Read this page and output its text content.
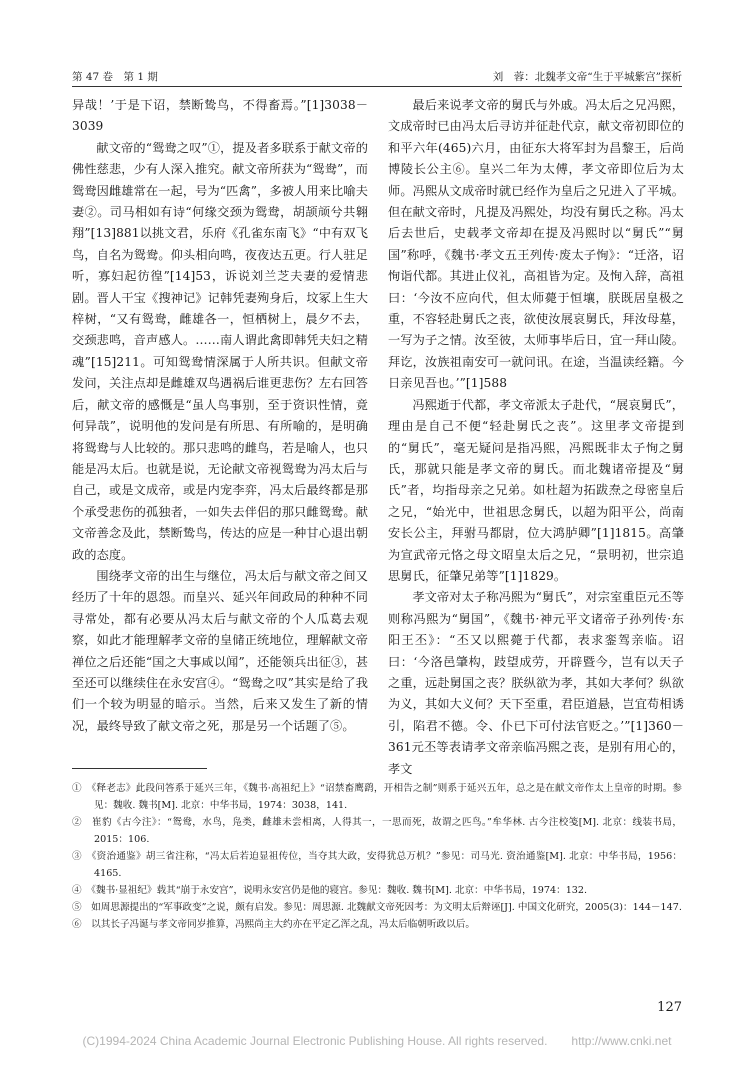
第 47 卷　第 1 期	刘　蓉：北魏孝文帝“生于平城紫宫”探析

异哉！’于是下诏，禁断鸷鸟，不得畜焉。”[1]3038－3039

献文帝的“鸳鸯之叹”①，提及者多联系于献文帝的佛性慈悲，少有人深入推究。献文帝所获为“鸳鸯”，而鸳鸯因雌雄常在一起，号为“匹禽”，多被人用来比喻夫妻②。司马相如有诗“何缘交颈为鸳鸯，胡颉颃兮共翱翔”[13]881以挑文君，乐府《孔雀东南飞》“中有双飞鸟，自名为鸳鸯。仰头相向鸣，夜夜达五更。行人驻足听，寡妇起彷徨”[14]53，诉说刘兰芝夫妻的爱情悲剧。晋人干宝《搜神记》记韩凭妻殉身后，坟冢上生大梓树，“又有鸳鸯，雌雄各一，恒栖树上，晨夕不去，交颈悲鸣，音声感人。……南人谓此禽即韩凭夫妇之精魂”[15]211。可知鸳鸯情深属于人所共识。但献文帝发问，关注点却是雌雄双鸟遇祸后谁更悲伤？左右回答后，献文帝的感慨是“虽人鸟事别，至于资识性情，竟何异哉”，说明他的发问是有所思、有所喻的，是明确将鸳鸯与人比较的。那只悲鸣的雌鸟，若是喻人，也只能是冯太后。也就是说，无论献文帝视鸳鸯为冯太后与自己，或是文成帝，或是内宠李弈，冯太后最终都是那个承受悲伤的孤独者，一如失去伴侣的那只雌鸳鸯。献文帝善念及此，禁断鸷鸟，传达的应是一种甘心退出朝政的态度。

围绕孝文帝的出生与继位，冯太后与献文帝之间又经历了十年的恩怨。而皇兴、延兴年间政局的种种不同寻常处，都有必要从冯太后与献文帝的个人瓜葛去观察，如此才能理解孝文帝的皇储正统地位，理解献文帝禅位之后还能“国之大事咸以闻”，还能领兵出征③，甚至还可以继续住在永安宫④。“鸳鸯之叹”其实是给了我们一个较为明显的暗示。当然，后来又发生了新的情况，最终导致了献文帝之死，那是另一个话题了⑤。

最后来说孝文帝的舅氏与外戚。冯太后之兄冯熙，文成帝时已由冯太后寻访并征赴代京，献文帝初即位的和平六年(465)六月，由征东大将军封为昌黎王，后尚博陵长公主⑥。皇兴二年为太傅，孝文帝即位后为太师。冯熙从文成帝时就已经作为皇后之兄进入了平城。但在献文帝时，凡提及冯熙处，均没有舅氏之称。冯太后去世后，史载孝文帝却在提及冯熙时以“舅氏”“舅国”称呼，《魏书·孝文五王列传·废太子恂》：“迁洛，诏恂诣代都。其进止仪礼，高祖皆为定。及恂入辞，高祖曰：‘今汝不应向代，但太师薨于恒壤，朕既居皇极之重，不容轻赴舅氏之丧，欲使汝展哀舅氏，拜汝母墓，一写为子之情。汝至彼，太师事毕后日，宜一拜山陵。拜讫，汝族祖南安可一就问讯。在途，当温读经籍。今日亲见吾也。’”[1]588

冯熙逝于代都，孝文帝派太子赴代，“展哀舅氏”，理由是自己不便“轻赴舅氏之丧”。这里孝文帝提到的“舅氏”，毫无疑问是指冯熙，冯熙既非太子恂之舅氏，那就只能是孝文帝的舅氏。而北魏诸帝提及“舅氏”者，均指母亲之兄弟。如杜超为拓跋焘之母密皇后之兄，“始光中，世祖思念舅氏，以超为阳平公，尚南安长公主，拜驸马都尉，位大鸿胪卿”[1]1815。高肇为宣武帝元恪之母文昭皇太后之兄，“景明初，世宗追思舅氏，征肇兄弟等”[1]1829。

孝文帝对太子称冯熙为“舅氏”，对宗室重臣元丕等则称冯熙为“舅国”，《魏书·神元平文诸帝子孙列传·东阳王丕》：“丕又以熙薨于代都，表求銮驾亲临。诏曰：‘今洛邑肇构，跂望成劳，开辟暨今，岂有以天子之重，远赴舅国之丧？朕纵欲为孝，其如大孝何？纵欲为义，其如大义何？天下至重，君臣道悬，岂宜苟相诱引，陷君不德。令、仆已下可付法官贬之。’”[1]360－361元丕等表请孝文帝亲临冯熙之丧，是别有用心的，孝文

①　《释老志》此段问答系于延兴三年，《魏书·高祖纪上》“诏禁畜鹰鹞，开相告之制”则系于延兴五年，总之是在献文帝作太上皇帝的时期。参见：魏收. 魏书[M]. 北京：中华书局，1974：3038，141.

②　崔豹《古今注》：“鸳鸯，水鸟，凫类，雌雄未尝相离，人得其一，一思而死，故谓之匹鸟。”牟华林. 古今注校笺[M]. 北京：线装书局，2015：106.

③　《资治通鉴》胡三省注称，“冯太后若迫显祖传位，当夺其大政，安得犹总万机？”参见：司马光. 资治通鉴[M]. 北京：中华书局，1956：4165.

④　《魏书·显祖纪》载其“崩于永安宫”，说明永安宫仍是他的寝宫。参见：魏收. 魏书[M]. 北京：中华书局，1974：132.

⑤　如周思源提出的“军事政变”之说，颇有启发。参见：周思源. 北魏献文帝死因考：为文明太后辩诬[J]. 中国文化研究，2005(3)：144－147.

⑥　以其长子冯诞与孝文帝同岁推算，冯熙尚主大约亦在平定乙浑之乱，冯太后临朝听政以后。

127
(C)1994-2024 China Academic Journal Electronic Publishing House. All rights reserved.　　http://www.cnki.net
